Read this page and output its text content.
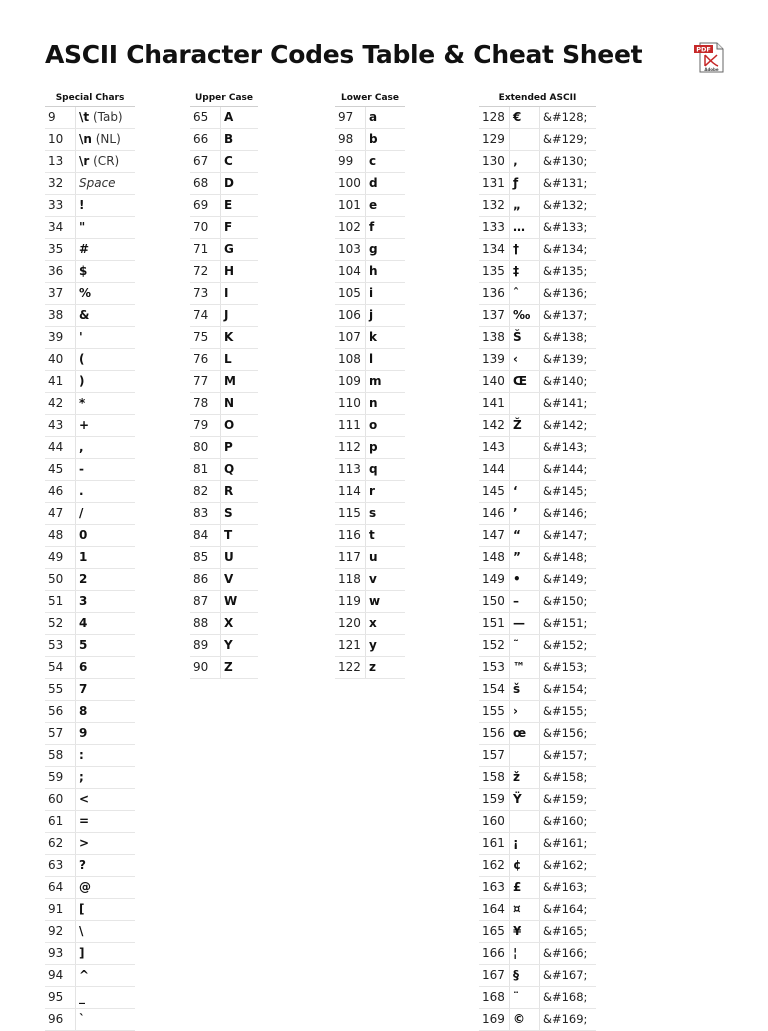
ASCII Character Codes Table & Cheat Sheet	PDF
Adobe
Special Chars
9	\t (Tab)
10	\n (NL)
13	\r (CR)
32	Space
33	!
34	"
35	#
36	$
37	%
38	&
39	'
40	(
41	)
42	*
43	+
44	,
45	-
46	.
47	/
48	0
49	1
50	2
51	3
52	4
53	5
54	6
55	7
56	8
57	9
58	:
59	;
60	<
61	=
62	>
63	?
64	@
91	[
92	\
93	]
94	^
95	_
96	`
Upper Case
65	A
66	B
67	C
68	D
69	E
70	F
71	G
72	H
73	I
74	J
75	K
76	L
77	M
78	N
79	O
80	P
81	Q
82	R
83	S
84	T
85	U
86	V
87	W
88	X
89	Y
90	Z
Lower Case
97	a
98	b
99	c
100 d
101 e
102 f
103 g
104 h
105 i
106 j
107 k
108 l
109 m
110 n
111 o
112 p
113 q
114 r
115 s
116 t
117 u
118 v
119 w
120 x
121 y
122 z
Extended ASCII
128 €	&#128;
129	&#129;
130 ‚	&#130;
131 ƒ	&#131;
132 „	&#132;
133 …	&#133;
134 †	&#134;
135 ‡	&#135;
136 ˆ	&#136;
137 ‰	&#137;
138 Š	&#138;
139 ‹	&#139;
140 Œ	&#140;
141	&#141;
142 Ž	&#142;
143	&#143;
144	&#144;
145 ‘	&#145;
146 ’	&#146;
147 “	&#147;
148 ”	&#148;
149 •	&#149;
150 –	&#150;
151 —	&#151;
152 ˜	&#152;
153 ™	&#153;
154 š	&#154;
155 ›	&#155;
156 œ	&#156;
157	&#157;
158 ž	&#158;
159 Ÿ	&#159;
160	&#160;
161 ¡	&#161;
162 ¢	&#162;
163 £	&#163;
164 ¤	&#164;
165 ¥	&#165;
166 ¦	&#166;
167 §	&#167;
168 ¨	&#168;
169 ©	&#169;
